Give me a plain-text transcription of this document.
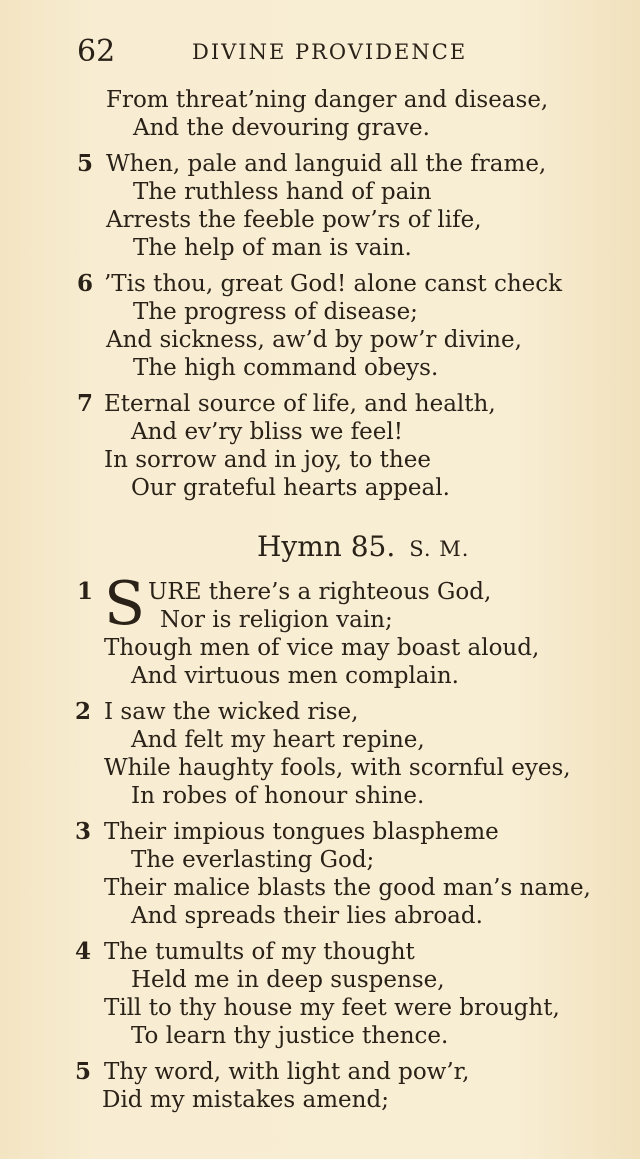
62	DIVINE PROVIDENCE
From threat’ning danger and disease,
And the devouring grave.
5 When, pale and languid all the frame,
The ruthless hand of pain
Arrests the feeble pow’rs of life,
The help of man is vain.
6 ’Tis thou, great God! alone canst check
The progress of disease;
And sickness, aw’d by pow’r divine,
The high command obeys.
7 Eternal source of life, and health,
And ev’ry bliss we feel!
In sorrow and in joy, to thee
Our grateful hearts appeal.
Hymn 85. S. M.
1 S URE there’s a righteous God,
Nor is religion vain;
Though men of vice may boast aloud,
And virtuous men complain.
2 I saw the wicked rise,
And felt my heart repine,
While haughty fools, with scornful eyes,
In robes of honour shine.
3 Their impious tongues blaspheme
The everlasting God;
Their malice blasts the good man’s name,
And spreads their lies abroad.
4 The tumults of my thought
Held me in deep suspense,
Till to thy house my feet were brought,
To learn thy justice thence.
5 Thy word, with light and pow’r,
Did my mistakes amend;
